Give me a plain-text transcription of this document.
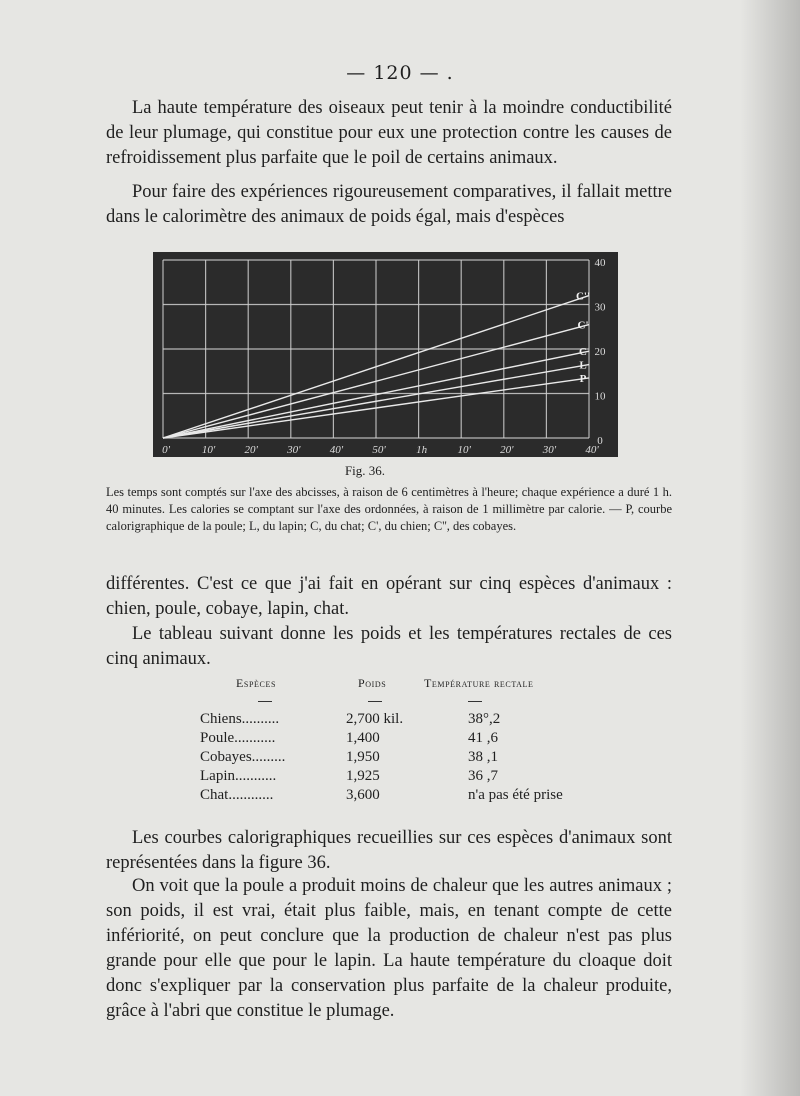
— 120 — .
La haute température des oiseaux peut tenir à la moindre conductibilité de leur plumage, qui constitue pour eux une protection contre les causes de refroidissement plus parfaite que le poil de certains animaux.
Pour faire des expériences rigoureusement comparatives, il fallait mettre dans le calorimètre des animaux de poids égal, mais d'espèces
0'	10'	20'	30'	40'	50'	1h	10'	20'	30'	40'
0
10
20
30
40
C''
C'
C
L
P
Fig. 36.
Les temps sont comptés sur l'axe des abcisses, à raison de 6 centimètres à l'heure; chaque expérience a duré 1 h. 40 minutes. Les calories se comptant sur l'axe des ordonnées, à raison de 1 millimètre par calorie. — P, courbe calorigraphique de la poule; L, du lapin; C, du chat; C', du chien; C'', des cobayes.
différentes. C'est ce que j'ai fait en opérant sur cinq espèces d'animaux : chien, poule, cobaye, lapin, chat.
Le tableau suivant donne les poids et les températures rectales de ces cinq animaux.
Espèces	Poids	Température rectale
Chiens..........	2,700 kil.	38°,2
Poule...........	1,400	41 ,6
Cobayes.........	1,950	38 ,1
Lapin...........	1,925	36 ,7
Chat............	3,600	n'a pas été prise
Les courbes calorigraphiques recueillies sur ces espèces d'animaux sont représentées dans la figure 36.
On voit que la poule a produit moins de chaleur que les autres animaux ; son poids, il est vrai, était plus faible, mais, en tenant compte de cette infériorité, on peut conclure que la production de chaleur n'est pas plus grande pour elle que pour le lapin. La haute température du cloaque doit donc s'expliquer par la conservation plus parfaite de la chaleur produite, grâce à l'abri que constitue le plumage.
